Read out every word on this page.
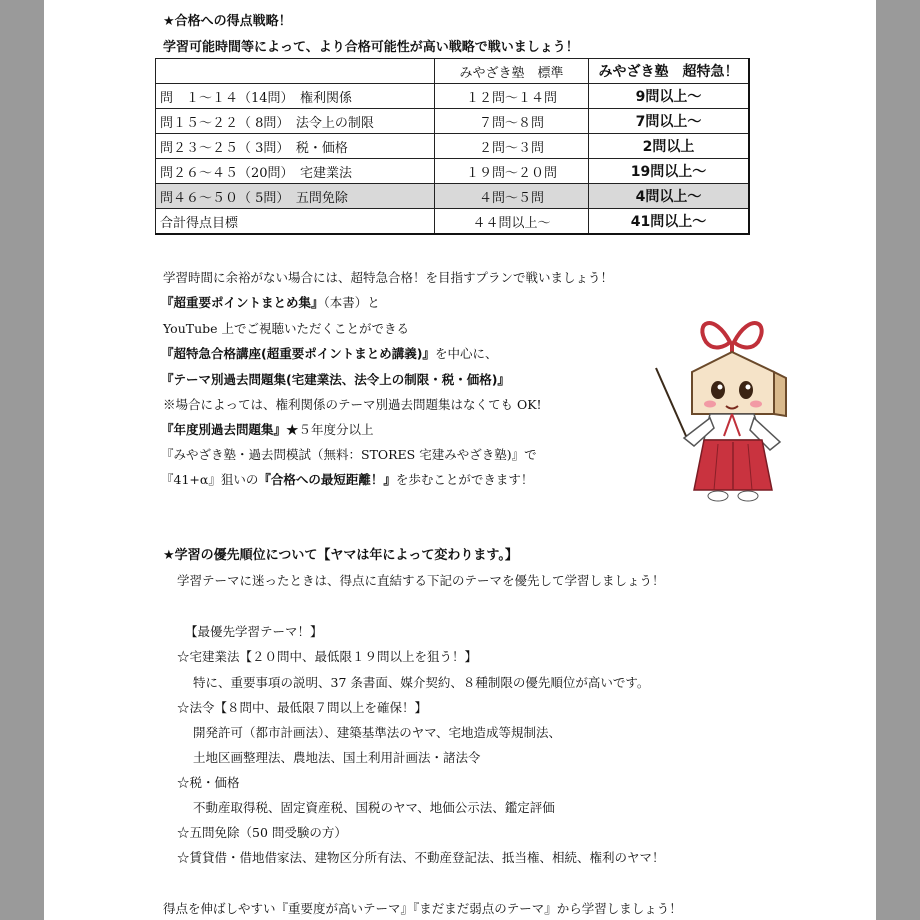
★合格への得点戦略！
学習可能時間等によって、より合格可能性が高い戦略で戦いましょう！
	みやざき塾　標準	みやざき塾　超特急！
問　１～１４（14問）　権利関係	１２問～１４問	9問以上～
問１５～２２（ 8問）　法令上の制限	７問～８問	7問以上～
問２３～２５（ 3問）　税・価格	２問～３問	2問以上
問２６～４５（20問）　宅建業法	１９問～２０問	19問以上～
問４６～５０（ 5問）　五問免除	４問～５問	4問以上～
合計得点目標	４４問以上～	41問以上～
学習時間に余裕がない場合には、超特急合格！を目指すプランで戦いましょう！
『超重要ポイントまとめ集』（本書）と
YouTube 上でご視聴いただくことができる
『超特急合格講座(超重要ポイントまとめ講義)』を中心に、
『テーマ別過去問題集(宅建業法、法令上の制限・税・価格)』
※場合によっては、権利関係のテーマ別過去問題集はなくても OK!
『年度別過去問題集』★５年度分以上
『みやざき塾・過去問模試（無料：STORES 宅建みやざき塾)』で
『41+α』狙いの『合格への最短距離！』を歩むことができます！
★学習の優先順位について【ヤマは年によって変わります。】
学習テーマに迷ったときは、得点に直結する下記のテーマを優先して学習しましょう！
【最優先学習テーマ！】
☆宅建業法【２０問中、最低限１９問以上を狙う！】
特に、重要事項の説明、37 条書面、媒介契約、８種制限の優先順位が高いです。
☆法令【８問中、最低限７問以上を確保！】
開発許可（都市計画法）、建築基準法のヤマ、宅地造成等規制法、
土地区画整理法、農地法、国土利用計画法・諸法令
☆税・価格
不動産取得税、固定資産税、国税のヤマ、地価公示法、鑑定評価
☆五問免除（50 問受験の方）
☆賃貸借・借地借家法、建物区分所有法、不動産登記法、抵当権、相続、権利のヤマ！
得点を伸ばしやすい『重要度が高いテーマ』『まだまだ弱点のテーマ』から学習しましょう！
